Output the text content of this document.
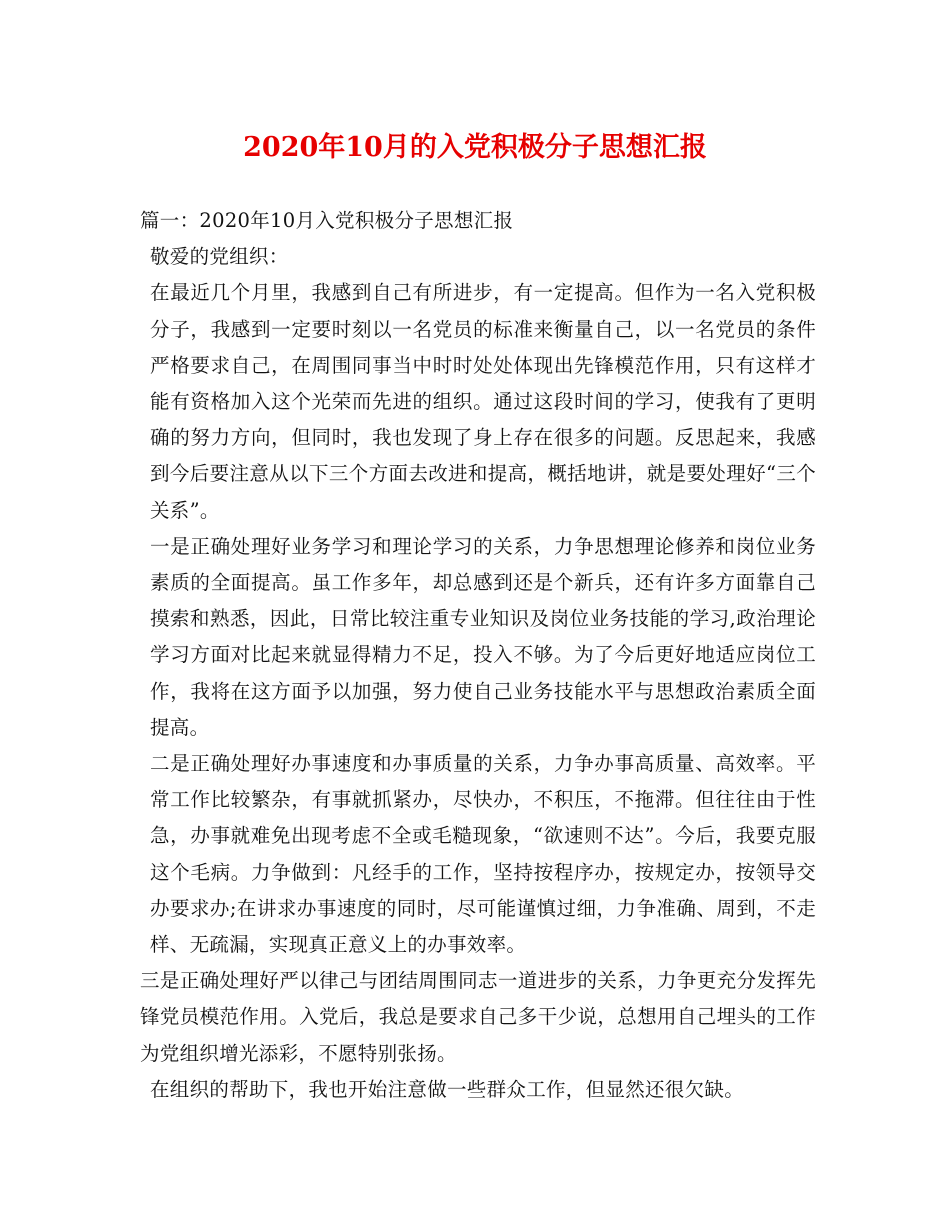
2020年10月的入党积极分子思想汇报

篇一：2020年10月入党积极分子思想汇报

敬爱的党组织：

在最近几个月里，我感到自己有所进步，有一定提高。但作为一名入党积极分子，我感到一定要时刻以一名党员的标准来衡量自己，以一名党员的条件严格要求自己，在周围同事当中时时处处体现出先锋模范作用，只有这样才能有资格加入这个光荣而先进的组织。通过这段时间的学习，使我有了更明确的努力方向，但同时，我也发现了身上存在很多的问题。反思起来，我感到今后要注意从以下三个方面去改进和提高，概括地讲，就是要处理好“三个关系”。

一是正确处理好业务学习和理论学习的关系，力争思想理论修养和岗位业务素质的全面提高。虽工作多年，却总感到还是个新兵，还有许多方面靠自己摸索和熟悉，因此，日常比较注重专业知识及岗位业务技能的学习,政治理论学习方面对比起来就显得精力不足，投入不够。为了今后更好地适应岗位工作，我将在这方面予以加强，努力使自己业务技能水平与思想政治素质全面提高。

二是正确处理好办事速度和办事质量的关系，力争办事高质量、高效率。平常工作比较繁杂，有事就抓紧办，尽快办，不积压，不拖滞。但往往由于性急，办事就难免出现考虑不全或毛糙现象，“欲速则不达”。今后，我要克服这个毛病。力争做到：凡经手的工作，坚持按程序办，按规定办，按领导交办要求办;在讲求办事速度的同时，尽可能谨慎过细，力争准确、周到，不走样、无疏漏，实现真正意义上的办事效率。

三是正确处理好严以律己与团结周围同志一道进步的关系，力争更充分发挥先锋党员模范作用。入党后，我总是要求自己多干少说，总想用自己埋头的工作为党组织增光添彩，不愿特别张扬。

在组织的帮助下，我也开始注意做一些群众工作，但显然还很欠缺。
